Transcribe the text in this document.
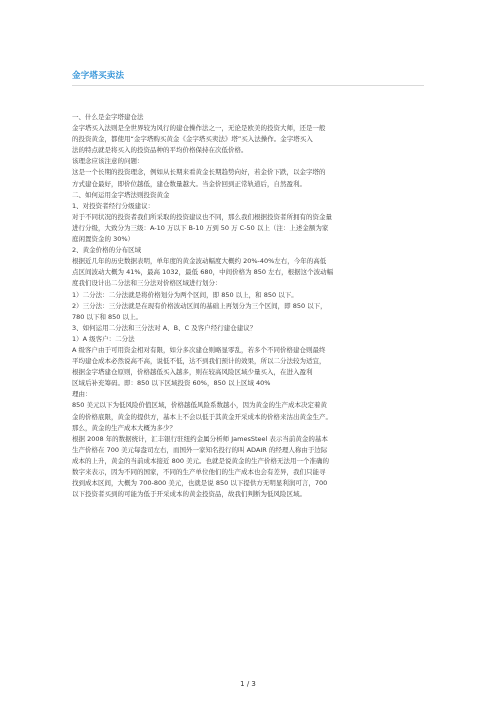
金字塔买卖法
一、什么是金字塔建仓法
金字塔买入法则是全世界较为风行的建仓操作法之一，无论是欧美的投资大师，还是一般
的投资黄金，都使用“金字塔购买黄金《金字塔买卖法》塔”买入法操作。金字塔买入
法的特点就是将买入的投资品种的平均价格保持在次低价格。
该理念应该注意的问题：
这是一个长期的投资理念，例如从长期来看黄金长期趋势向好，若金价下跌，以金字塔的
方式建仓最好，即价位越低，建仓数量越大。当金价回到正常轨道后，自然盈利。
二、如何运用金字塔法则投资黄金
1、对投资者经行分级建议：
对于不同状况的投资者我们所采取的投资建议也不同，那么我们根据投资者所拥有的资金量
进行分级，大致分为三级：A-10 万以下 B-10 万到 50 万 C-50 以上（注：上述金额为家
庭闲置资金的 30%）
2、黄金价格的分布区域
根据近几年的历史数据表明，单年度的黄金波动幅度大概约 20%-40%左右，今年的高低
点区间波动大概为 41%，最高 1032，最低 680，中间价格为 850 左右，根据这个波动幅
度我们设计出二分法和三分法对价格区域进行划分：
1）二分法：二分法就是将价格划分为两个区间，即 850 以上，和 850 以下。
2）三分法：三分法就是在现有价格波动区间的基础上再划分为三个区间，即 850 以下，
780 以下和 850 以上。
3、如何运用二分法和三分法对 A、B、C 及客户经行建仓建议？
1）A 级客户：二分法
A 级客户由于可用资金相对有限，如分多次建仓则略显零乱，若多个不同价格建仓则最终
平均建仓成本必然说高不高，说低不低，达不到我们预计的效果，所以二分法较为适宜，
根据金字塔建仓原则，价格越低买入越多，则在较高风险区域少量买入，在进入盈利
区域后补充筹码。即：850 以下区域投资 60%，850 以上区域 40%
理由：
850 美元以下为低风险价值区域，价格越低风险系数越小，因为黄金的生产成本决定着黄
金的价格底限，黄金的提供方，基本上不会以低于其黄金开采成本的价格来沽出黄金生产。
那么，黄金的生产成本大概为多少？
根据 2008 年的数据统计，汇丰银行驻纽约金属分析师 JamesSteel 表示当前黄金的基本
生产价格在 700 美元每盎司左右，而国外一家知名投行的叫 ADAIR 的经理人称由于边际
成本的上升，黄金的当前成本接近 800 美元。也就是说黄金的生产价格无法用一个准确的
数字来表示，因为不同的国家，不同的生产单位他们的生产成本也会有差异，我们只能寻
找到成本区间，大概为 700-800 美元，也就是说 850 以下提供方无明显利润可言，700
以下投资者买到的可能为低于开采成本的黄金投资品，故我们判断为低风险区域。
1 / 3
